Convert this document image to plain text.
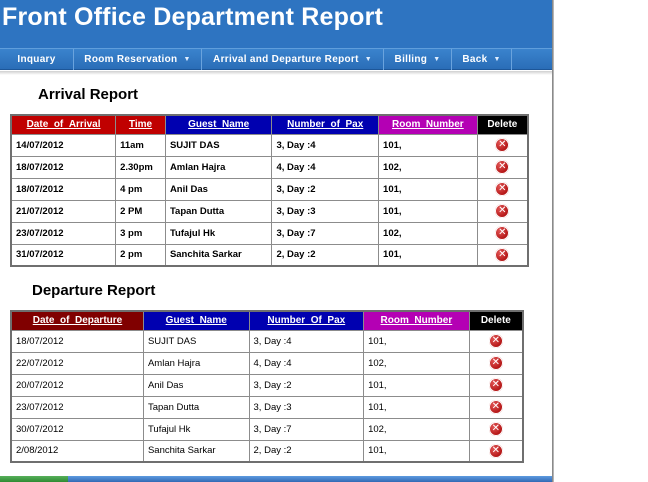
Front Office Department Report
Inquary	Room Reservation ▼	Arrival and Departure Report ▼	Billing ▼	Back ▼
Arrival Report
Date_of_Arrival	Time	Guest_Name	Number_of_Pax	Room_Number	Delete
14/07/2012	11am	SUJIT DAS	3, Day :4	101,	✕
18/07/2012	2.30pm	Amlan Hajra	4, Day :4	102,	✕
18/07/2012	4 pm	Anil Das	3, Day :2	101,	✕
21/07/2012	2 PM	Tapan Dutta	3, Day :3	101,	✕
23/07/2012	3 pm	Tufajul Hk	3, Day :7	102,	✕
31/07/2012	2 pm	Sanchita Sarkar	2, Day :2	101,	✕
Departure Report
Date_of_Departure	Guest_Name	Number_Of_Pax	Room_Number	Delete
18/07/2012	SUJIT DAS	3, Day :4	101,	✕
22/07/2012	Amlan Hajra	4, Day :4	102,	✕
20/07/2012	Anil Das	3, Day :2	101,	✕
23/07/2012	Tapan Dutta	3, Day :3	101,	✕
30/07/2012	Tufajul Hk	3, Day :7	102,	✕
2/08/2012	Sanchita Sarkar	2, Day :2	101,	✕
